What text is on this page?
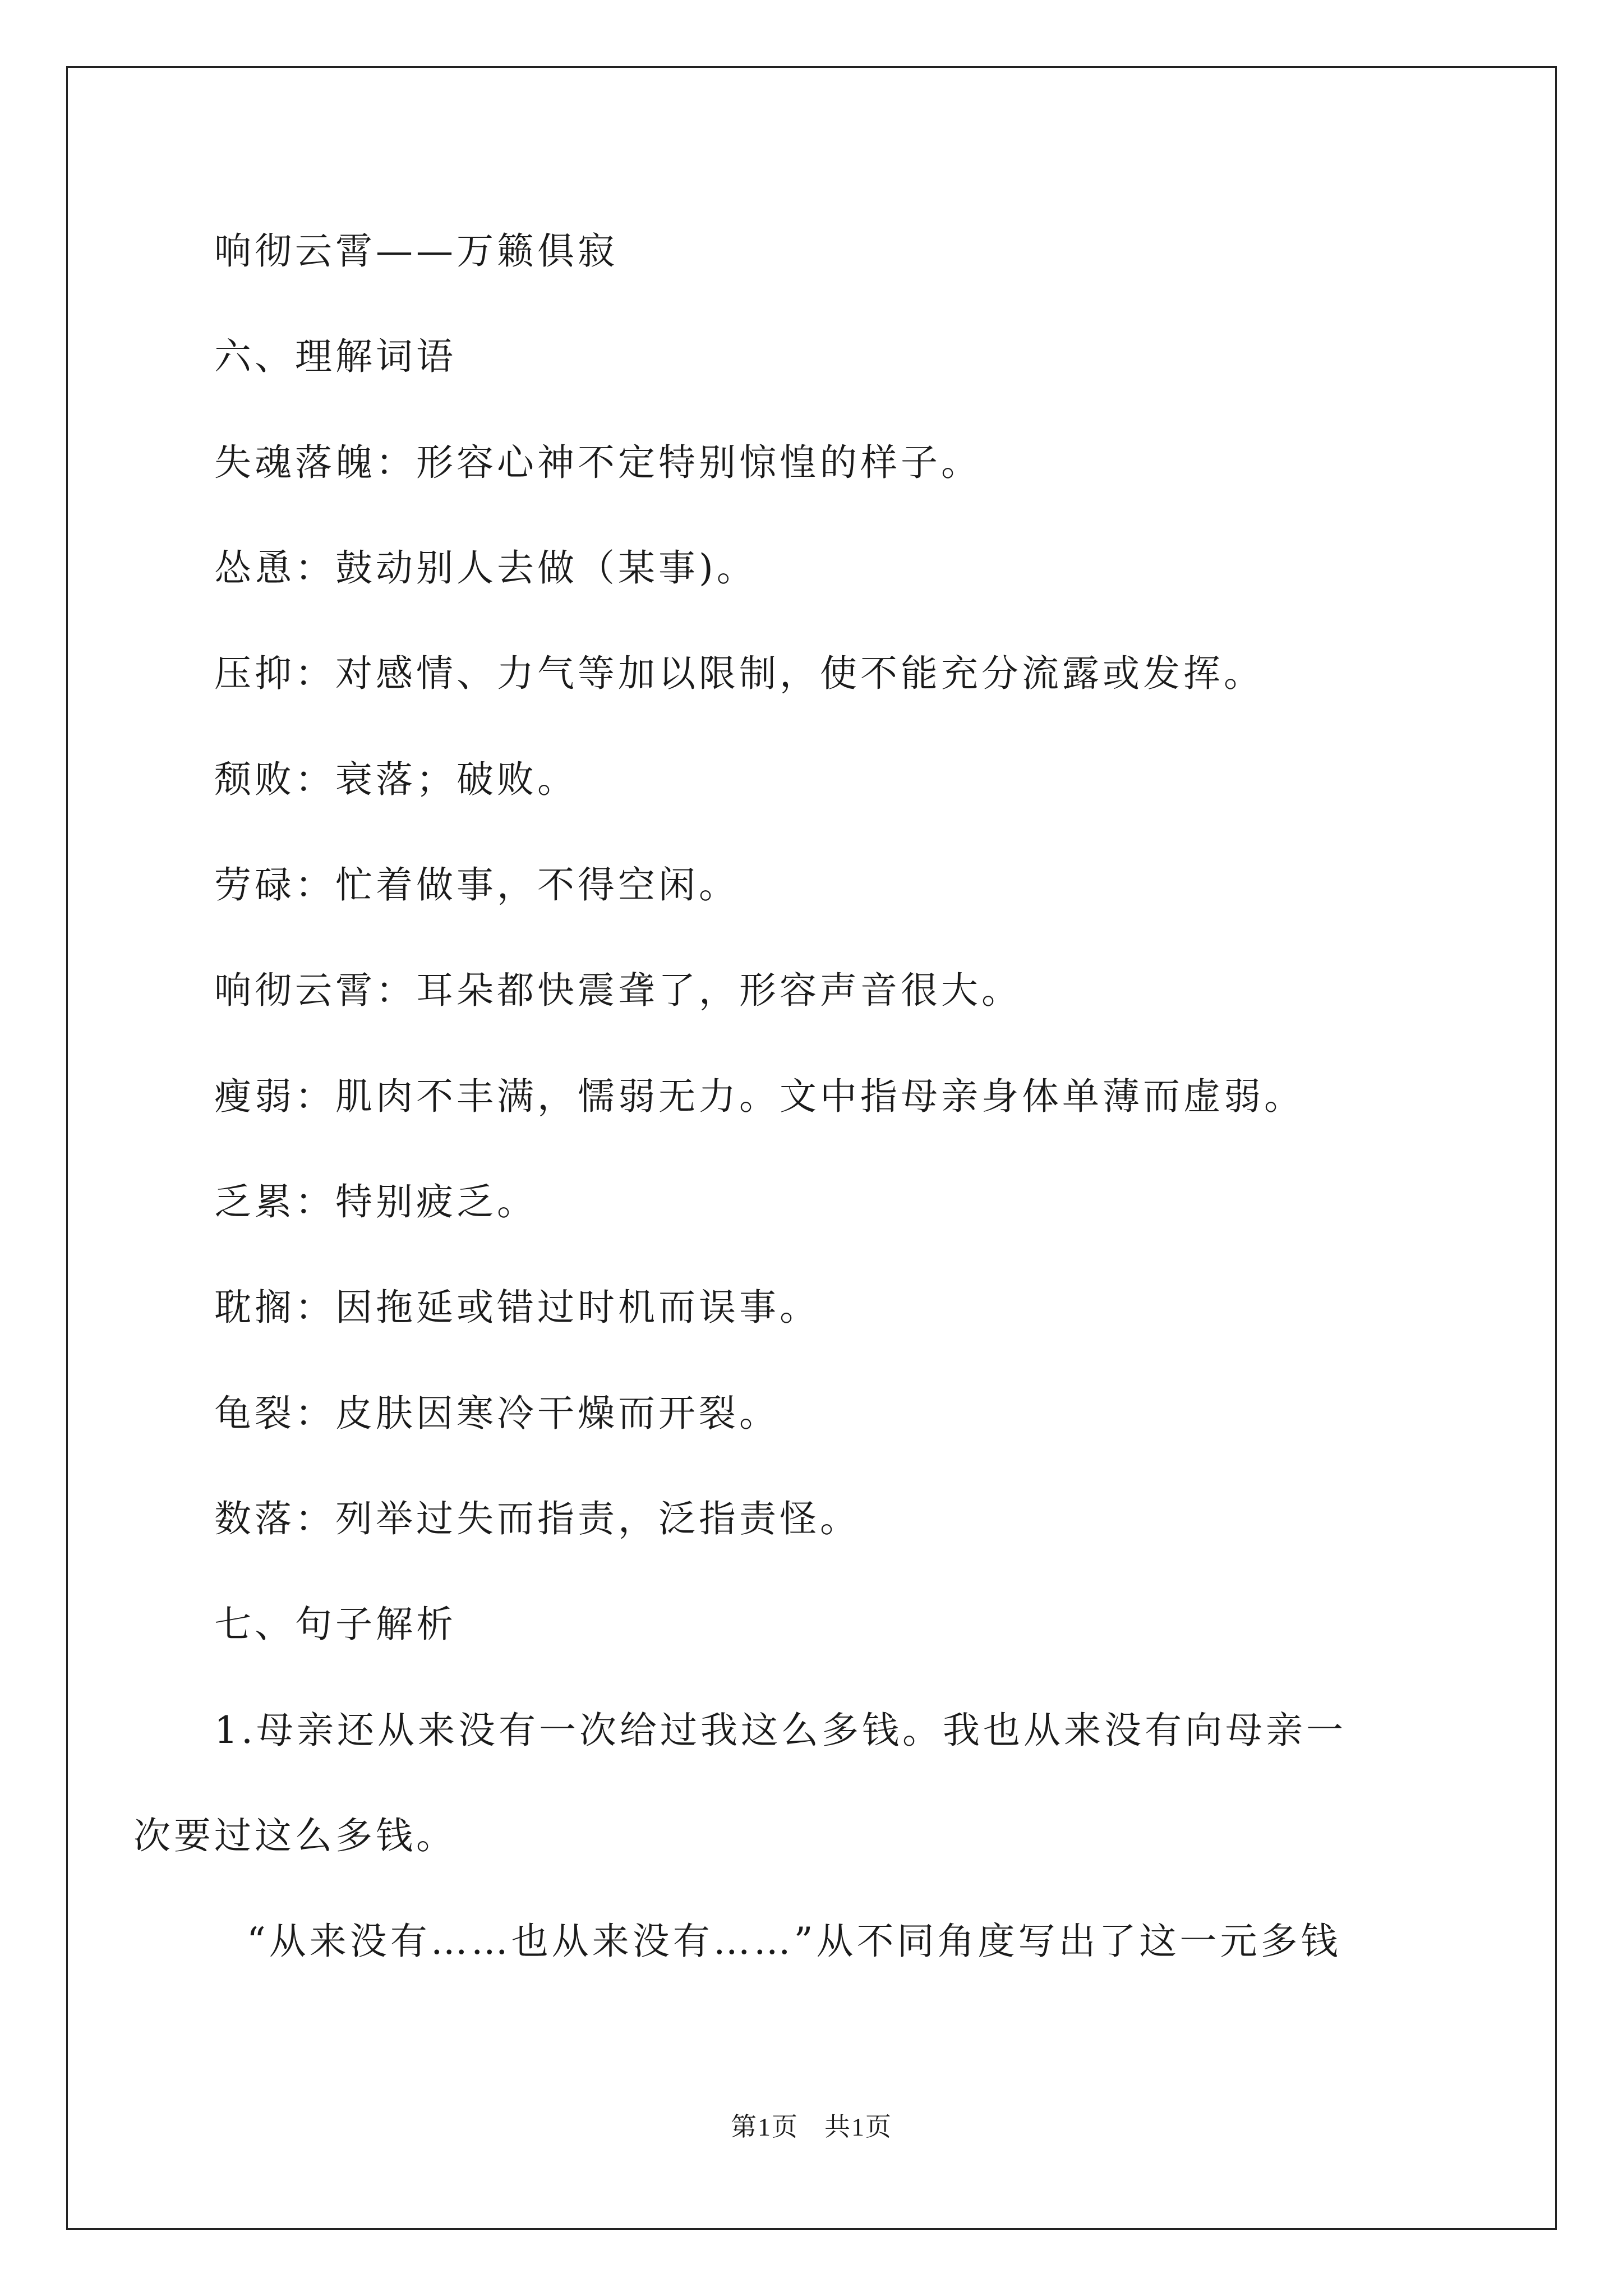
响彻云霄——万籁俱寂
六、理解词语
失魂落魄：形容心神不定特别惊惶的样子。
怂恿：鼓动别人去做（某事)。
压抑：对感情、力气等加以限制，使不能充分流露或发挥。
颓败：衰落；破败。
劳碌：忙着做事，不得空闲。
响彻云霄：耳朵都快震聋了，形容声音很大。
瘦弱：肌肉不丰满，懦弱无力。文中指母亲身体单薄而虚弱。
乏累：特别疲乏。
耽搁：因拖延或错过时机而误事。
龟裂：皮肤因寒冷干燥而开裂。
数落：列举过失而指责，泛指责怪。
七、句子解析
1.母亲还从来没有一次给过我这么多钱。我也从来没有向母亲一
次要过这么多钱。
“从来没有……也从来没有……”从不同角度写出了这一元多钱
第1页 共1页
